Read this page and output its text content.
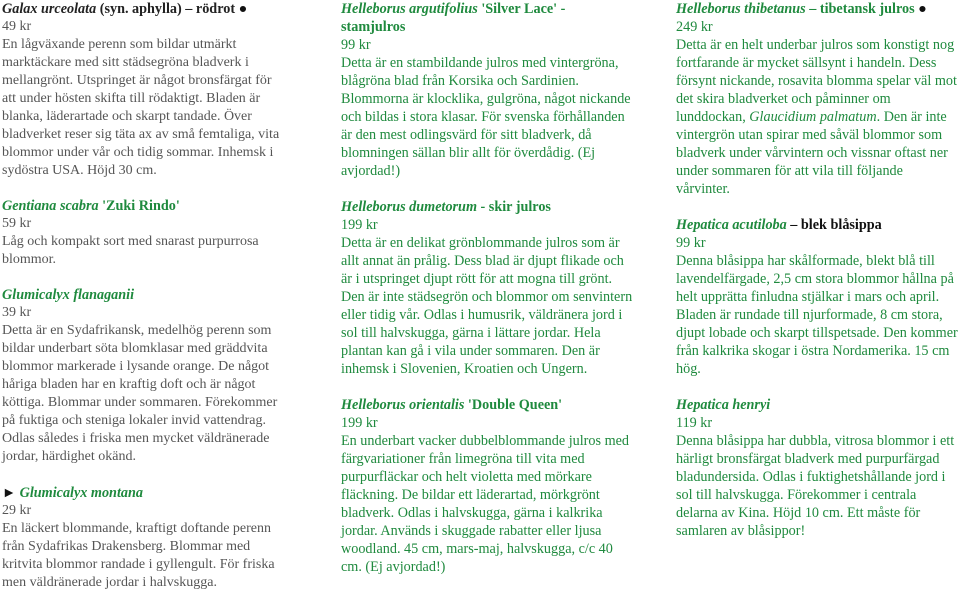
Galax urceolata (syn. aphylla) – rödrot ●

49 kr

En lågväxande perenn som bildar utmärkt marktäckare med sitt städsegröna bladverk i mellangrönt. Utspringet är något bronsfärgat för att under hösten skifta till rödaktigt. Bladen är blanka, läderartade och skarpt tandade. Över bladverket reser sig täta ax av små femtaliga, vita blommor under vår och tidig sommar. Inhemsk i sydöstra USA. Höjd 30 cm.

Gentiana scabra 'Zuki Rindo'

59 kr

Låg och kompakt sort med snarast purpurrosa blommor.

Glumicalyx flanaganii

39 kr

Detta är en Sydafrikansk, medelhög perenn som bildar underbart söta blomklasar med gräddvita blommor markerade i lysande orange. De något håriga bladen har en kraftig doft och är något köttiga. Blommar under sommaren. Förekommer på fuktiga och steniga lokaler invid vattendrag. Odlas således i friska men mycket väldränerade jordar, härdighet okänd.

► Glumicalyx montana

29 kr

En läckert blommande, kraftigt doftande perenn från Sydafrikas Drakensberg. Blommar med kritvita blommor randade i gyllengult. För friska men väldränerade jordar i halvskugga.

Helleborus argutifolius 'Silver Lace' - stamjulros

99 kr

Detta är en stambildande julros med vintergröna, blågröna blad från Korsika och Sardinien. Blommorna är klocklika, gulgröna, något nickande och bildas i stora klasar. För svenska förhållanden är den mest odlingsvärd för sitt bladverk, då blomningen sällan blir allt för överdådig. (Ej avjordad!)

Helleborus dumetorum - skir julros

199 kr

Detta är en delikat grönblommande julros som är allt annat än prålig. Dess blad är djupt flikade och är i utspringet djupt rött för att mogna till grönt. Den är inte städsegrön och blommor om senvintern eller tidig vår. Odlas i humusrik, väldränera jord i sol till halvskugga, gärna i lättare jordar. Hela plantan kan gå i vila under sommaren. Den är inhemsk i Slovenien, Kroatien och Ungern.

Helleborus orientalis 'Double Queen'

199 kr

En underbart vacker dubbelblommande julros med färgvariationer från limegröna till vita med purpurfläckar och helt violetta med mörkare fläckning. De bildar ett läderartad, mörkgrönt bladverk. Odlas i halvskugga, gärna i kalkrika jordar. Används i skuggade rabatter eller ljusa woodland. 45 cm, mars-maj, halvskugga, c/c 40 cm. (Ej avjordad!)

Helleborus thibetanus – tibetansk julros ●

249 kr

Detta är en helt underbar julros som konstigt nog fortfarande är mycket sällsynt i handeln. Dess försynt nickande, rosavita blomma spelar väl mot det skira bladverket och påminner om lunddockan, Glaucidium palmatum. Den är inte vintergrön utan spirar med såväl blommor som bladverk under vårvintern och vissnar oftast ner under sommaren för att vila till följande vårvinter.

Hepatica acutiloba – blek blåsippa

99 kr

Denna blåsippa har skålformade, blekt blå till lavendelfärgade, 2,5 cm stora blommor hållna på helt upprätta finludna stjälkar i mars och april. Bladen är rundade till njurformade, 8 cm stora, djupt lobade och skarpt tillspetsade. Den kommer från kalkrika skogar i östra Nordamerika. 15 cm hög.

Hepatica henryi

119 kr

Denna blåsippa har dubbla, vitrosa blommor i ett härligt bronsfärgat bladverk med purpurfärgad bladundersida. Odlas i fuktighetshållande jord i sol till halvskugga. Förekommer i centrala delarna av Kina. Höjd 10 cm. Ett måste för samlaren av blåsippor!
